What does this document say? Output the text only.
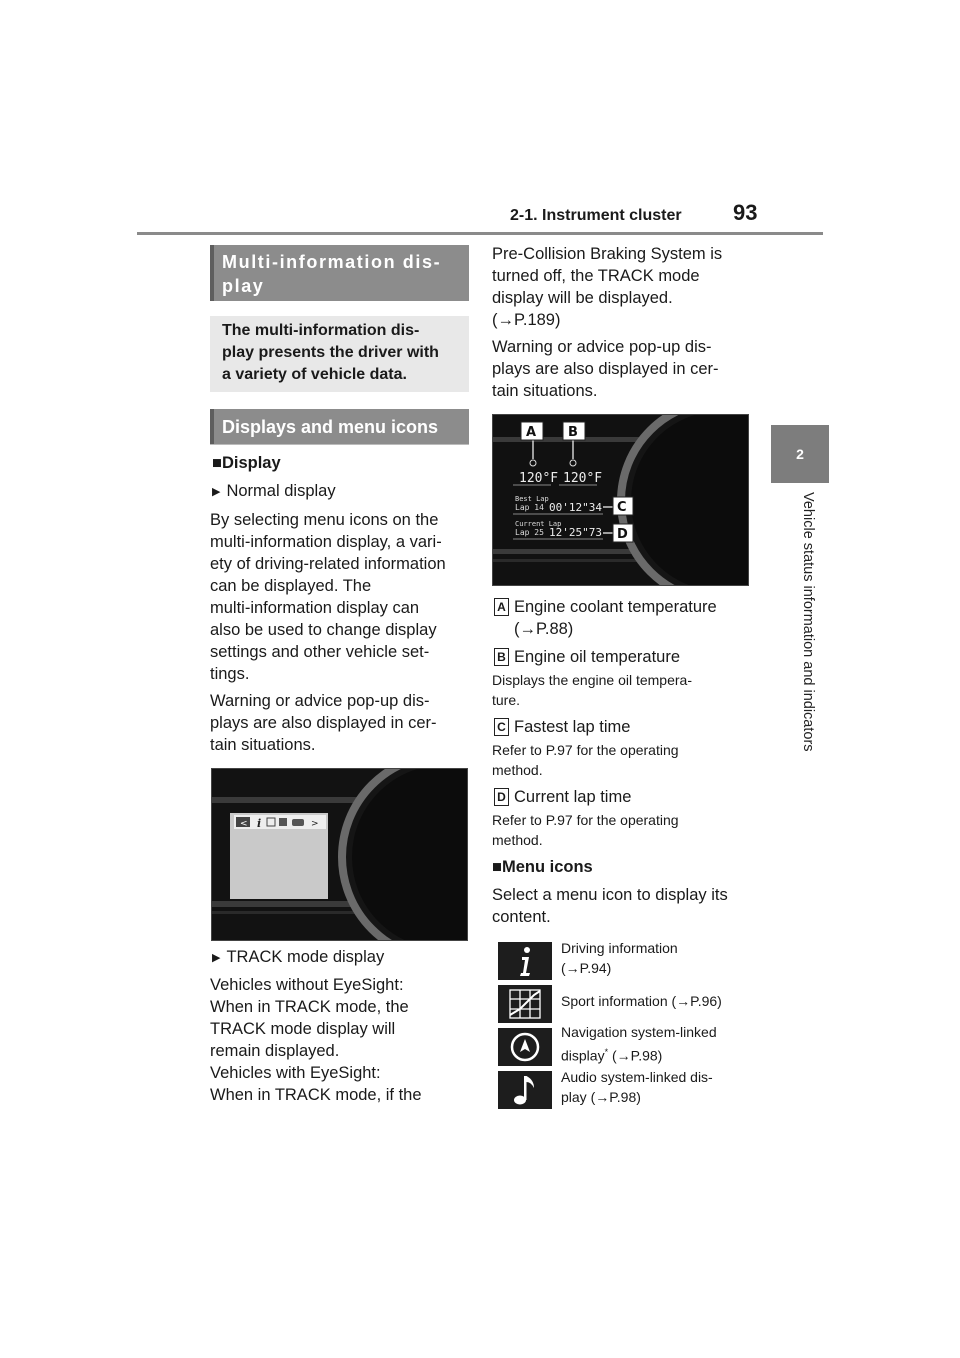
2-1. Instrument cluster 93
2
Vehicle status information and indicators
Multi-information dis-
play
The multi-information dis-
play presents the driver with
a variety of vehicle data.
Displays and menu icons
■Display
▶ Normal display
By selecting menu icons on the
multi-information display, a vari-
ety of driving-related information
can be displayed. The
multi-information display can
also be used to change display
settings and other vehicle set-
tings.
Warning or advice pop-up dis-
plays are also displayed in cer-
tain situations.
< i	>
▶ TRACK mode display
Vehicles without EyeSight:
When in TRACK mode, the
TRACK mode display will
remain displayed.
Vehicles with EyeSight:
When in TRACK mode, if the
Pre-Collision Braking System is
turned off, the TRACK mode
display will be displayed.
(→P.189)
Warning or advice pop-up dis-
plays are also displayed in cer-
tain situations.
120°F 120°F
Best Lap
Lap 14 00'12"34
Current Lap
Lap 25 12'25"73
A B
C
D
A Engine coolant temperature
(→P.88)
B Engine oil temperature
Displays the engine oil tempera-
ture.
C Fastest lap time
Refer to P.97 for the operating
method.
D Current lap time
Refer to P.97 for the operating
method.
■Menu icons
Select a menu icon to display its
content.
Driving information
(→P.94)
Sport information (→P.96)
Navigation system-linked
display* (→P.98)
Audio system-linked dis-
play (→P.98)
